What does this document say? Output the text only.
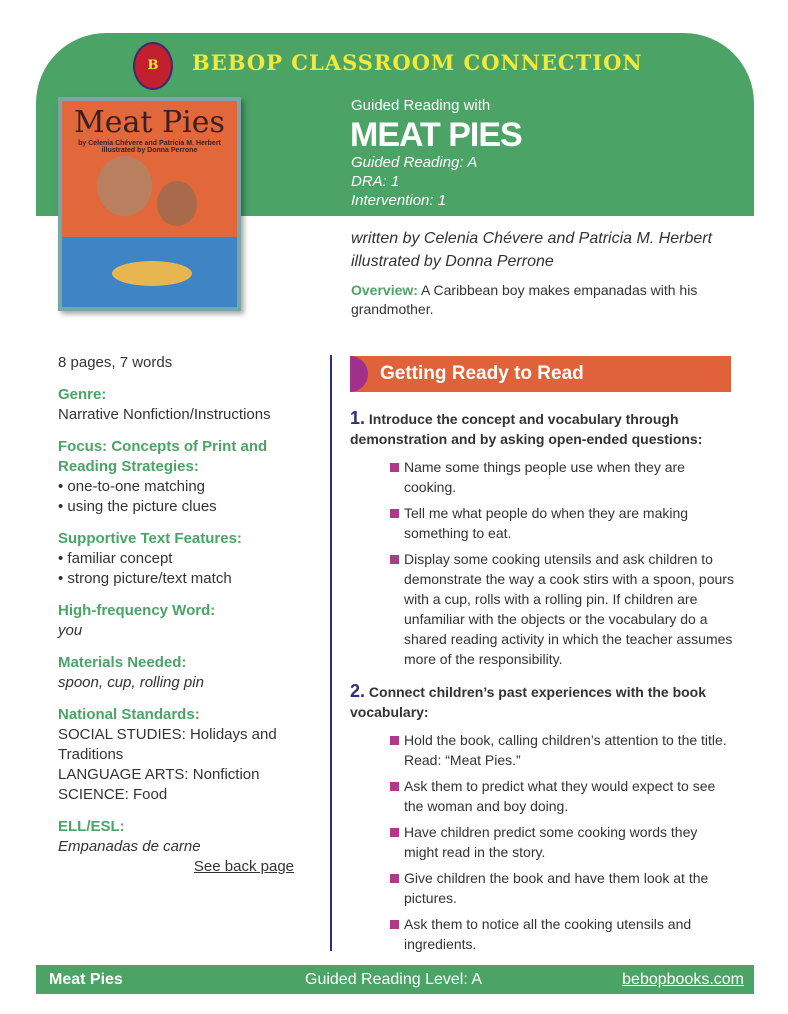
B	BEBOP CLASSROOM CONNECTION
Meat Pies
by Celenia Chévere and Patricia M. Herbert
illustrated by Donna Perrone
Guided Reading with
MEAT PIES
Guided Reading: A
DRA: 1
Intervention: 1
written by Celenia Chévere and Patricia M. Herbert
illustrated by Donna Perrone
Overview: A Caribbean boy makes empanadas with his grandmother.
8 pages, 7 words
Genre:
Narrative Nonfiction/Instructions
Focus: Concepts of Print and Reading Strategies:
• one-to-one matching
• using the picture clues
Supportive Text Features:
• familiar concept
• strong picture/text match
High-frequency Word:
you
Materials Needed:
spoon, cup, rolling pin
National Standards:
SOCIAL STUDIES: Holidays and Traditions
LANGUAGE ARTS: Nonfiction
SCIENCE: Food
ELL/ESL:
Empanadas de carne
See back page
Getting Ready to Read
1. Introduce the concept and vocabulary through demonstration and by asking open-ended questions:
Name some things people use when they are cooking.
Tell me what people do when they are making something to eat.
Display some cooking utensils and ask children to demonstrate the way a cook stirs with a spoon, pours with a cup, rolls with a rolling pin. If children are unfamiliar with the objects or the vocabulary do a shared reading activity in which the teacher assumes more of the responsibility.
2. Connect children’s past experiences with the book vocabulary:
Hold the book, calling children’s attention to the title. Read: “Meat Pies.”
Ask them to predict what they would expect to see the woman and boy doing.
Have children predict some cooking words they might read in the story.
Give children the book and have them look at the pictures.
Ask them to notice all the cooking utensils and ingredients.
Meat Pies	Guided Reading Level: A	bebopbooks.com
